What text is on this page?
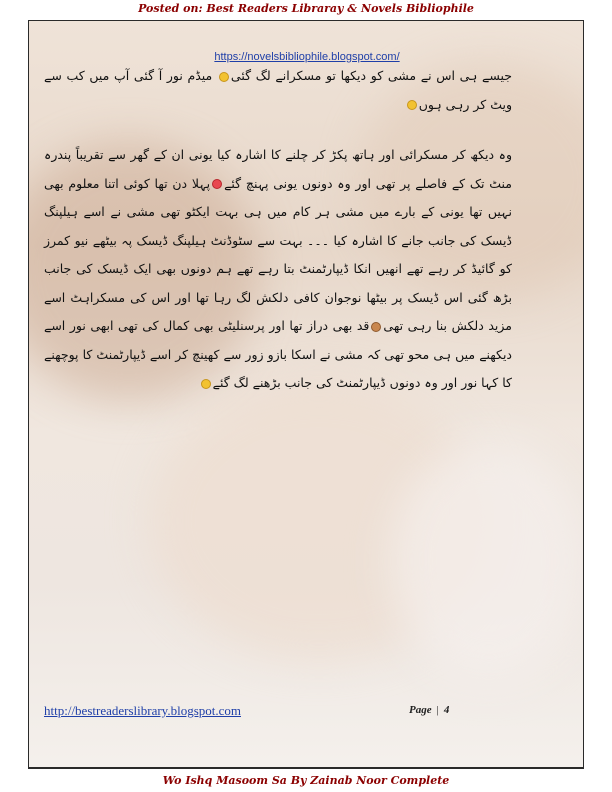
Posted on: Best Readers Libraray & Novels Bibliophile
https://novelsbibliophile.blogspot.com/

جیسے ہی اس نے مشی کو دیکھا تو مسکرانے لگ گئی میڈم نور آ گئی آپ میں کب سے ویٹ کر رہی ہوں

وہ دیکھ کر مسکرائی اور ہاتھ پکڑ کر چلنے کا اشارہ کیا یونی ان کے گھر سے تقریباً پندرہ منٹ تک کے فاصلے پر تھی اور وہ دونوں یونی پہنچ گئےپہلا دن تھا کوئی اتنا معلوم بھی نہیں تھا یونی کے بارے میں مشی ہر کام میں ہی بہت ایکٹو تھی مشی نے اسے ہیلپنگ ڈیسک کی جانب جانے کا اشارہ کیا ۔۔۔ بہت سے سٹوڈنٹ ہیلپنگ ڈیسک پہ بیٹھے نیو کمرز کو گائیڈ کر رہے تھے انھیں انکا ڈیپارٹمنٹ بتا رہے تھے ہم دونوں بھی ایک ڈیسک کی جانب بڑھ گئی اس ڈیسک پر بیٹھا نوجوان کافی دلکش لگ رہا تھا اور اس کی مسکراہٹ اسے مزید دلکش بنا رہی تھیقد بھی دراز تھا اور پرسنلیٹی بھی کمال کی تھی ابھی نور اسے دیکھنے میں ہی محو تھی کہ مشی نے اسکا بازو زور سے کھینچ کر اسے ڈیپارٹمنٹ کا پوچھنے کا کہا نور اور وہ دونوں ڈیپارٹمنٹ کی جانب بڑھنے لگ گئے

http://bestreaderslibrary.blogspot.com	Page | 4
Wo Ishq Masoom Sa By Zainab Noor Complete
